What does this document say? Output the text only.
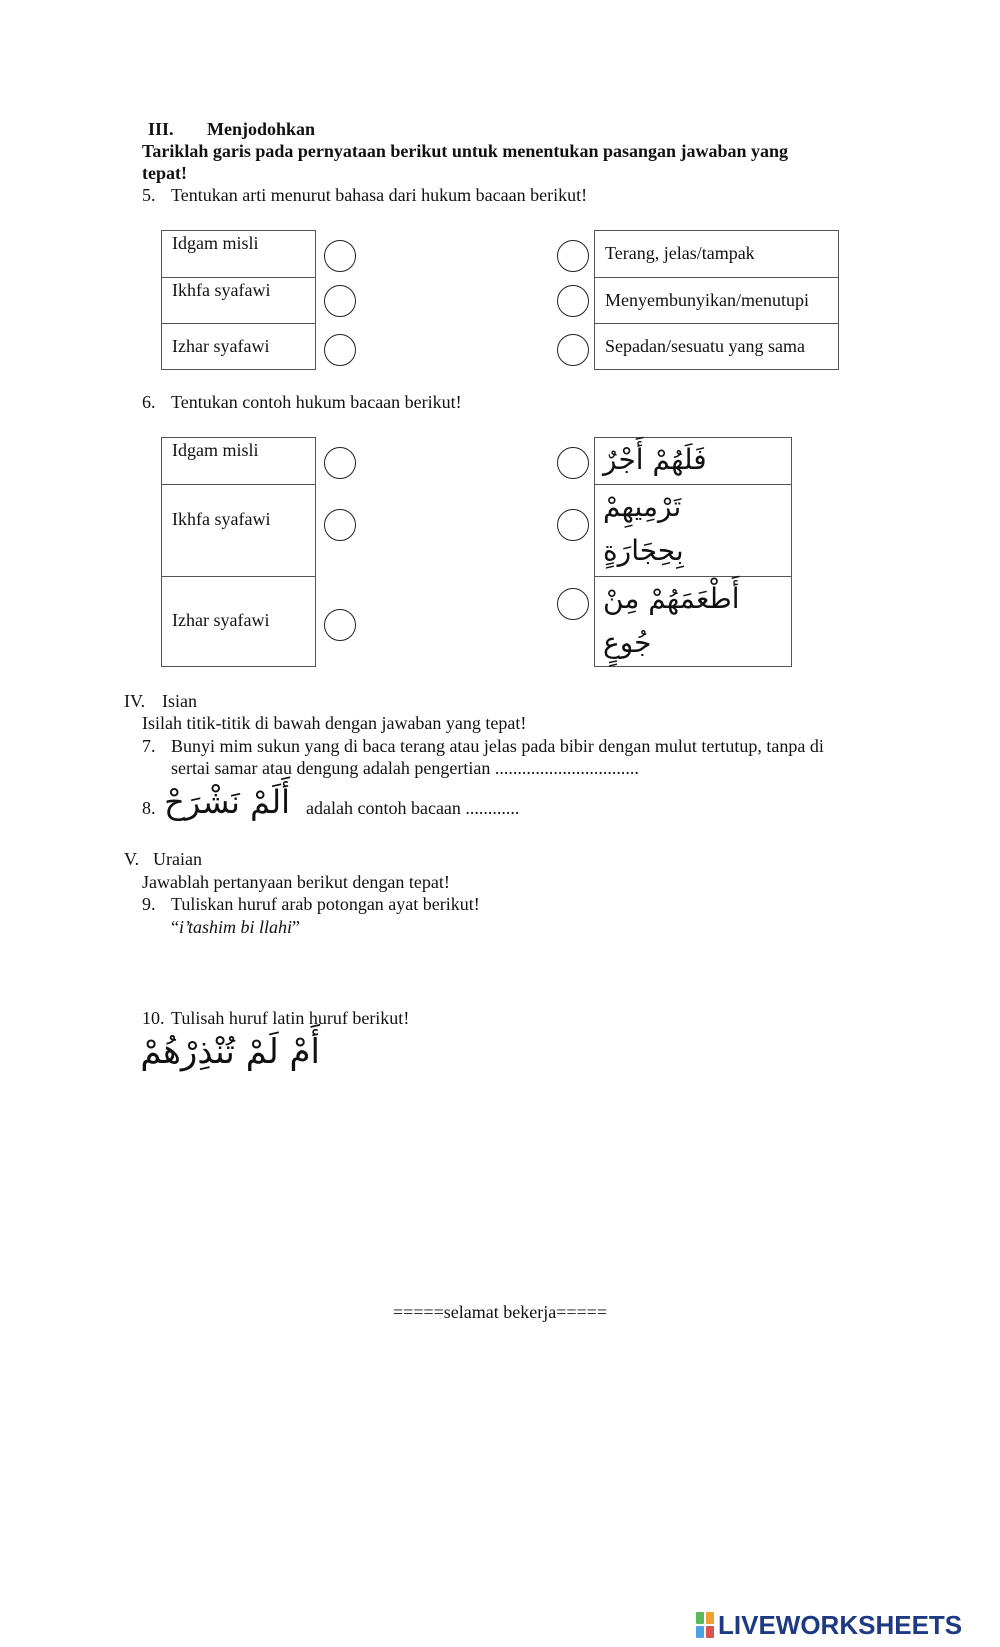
III. Menjodohkan
Tariklah garis pada pernyataan berikut untuk menentukan pasangan jawaban yang
tepat!
5. Tentukan arti menurut bahasa dari hukum bacaan berikut!
Idgam misli
Ikhfa syafawi
Izhar syafawi
Terang, jelas/tampak
Menyembunyikan/menutupi
Sepadan/sesuatu yang sama
6. Tentukan contoh hukum bacaan berikut!
Idgam misli
Ikhfa syafawi
Izhar syafawi
فَلَهُمْ أَجْرٌ
تَرْمِيهِمْ
بِحِجَارَةٍ
أَطْعَمَهُمْ مِنْ
جُوعٍ
IV. Isian
Isilah titik-titik di bawah dengan jawaban yang tepat!
7. Bunyi mim sukun yang di baca terang atau jelas pada bibir dengan mulut tertutup, tanpa di
sertai samar atau dengung adalah pengertian ................................
8. أَلَمْ نَشْرَحْ adalah contoh bacaan ............
V. Uraian
Jawablah pertanyaan berikut dengan tepat!
9. Tuliskan huruf arab potongan ayat berikut!
“i’tashim bi llahi”
10. Tulisah huruf latin huruf berikut!
أَمْ لَمْ تُنْذِرْهُمْ
=====selamat bekerja=====
LIVEWORKSHEETS
